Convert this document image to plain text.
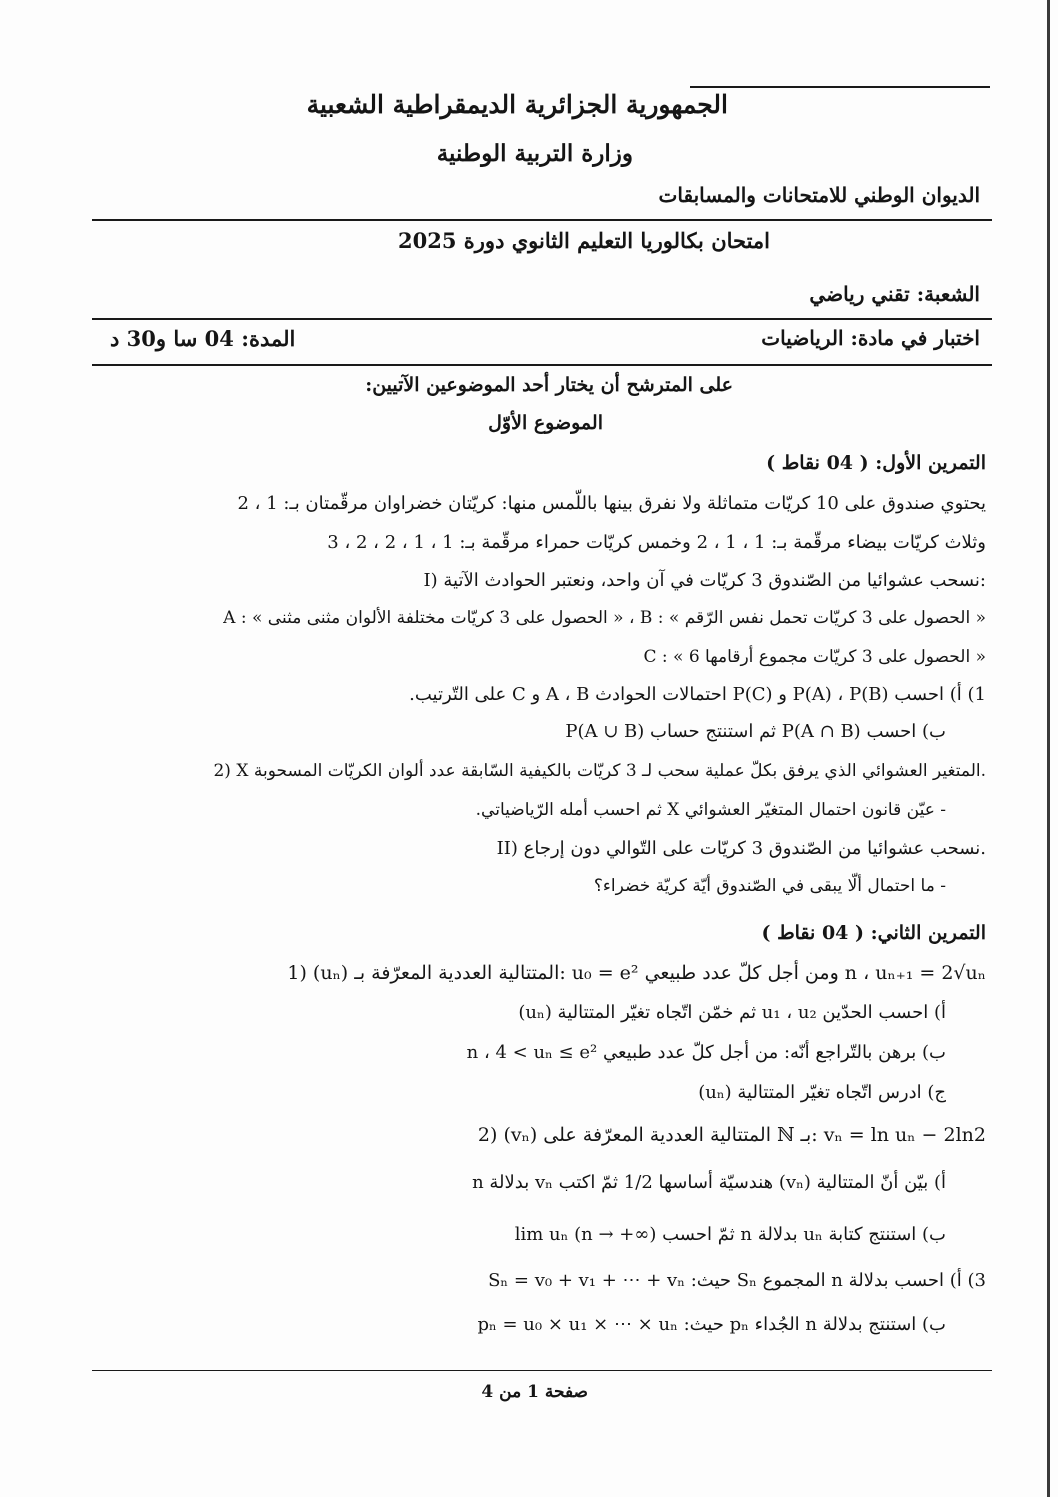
الجمهورية الجزائرية الديمقراطية الشعبية
وزارة التربية الوطنية
الديوان الوطني للامتحانات والمسابقات
امتحان بكالوريا التعليم الثانوي دورة 2025
الشعبة: تقني رياضي
اختبار في مادة: الرياضيات
المدة: 04 سا و30 د
على المترشح أن يختار أحد الموضوعين الآتيين:
الموضوع الأوّل
التمرين الأول: ( 04 نقاط )
يحتوي صندوق على 10 كريّات متماثلة ولا نفرق بينها باللّمس منها: كريّتان خضراوان مرقّمتان بـ: 1 ، 2
وثلاث كريّات بيضاء مرقّمة بـ: 1 ، 1 ، 2 وخمس كريّات حمراء مرقّمة بـ: 1 ، 1 ، 2 ، 2 ، 3
I) نسحب عشوائيا من الصّندوق 3 كريّات في آن واحد، ونعتبر الحوادث الآتية:
A : « الحصول على 3 كريّات مختلفة الألوان مثنى مثنى » ، B : « الحصول على 3 كريّات تحمل نفس الرّقم »
C : « الحصول على 3 كريّات مجموع أرقامها 6 »
1) أ) احسب P(A) ، P(B) و P(C) احتمالات الحوادث A ، B و C على التّرتيب.
ب) احسب P(A ∩ B) ثم استنتج حساب P(A ∪ B)
2) X المتغير العشوائي الذي يرفق بكلّ عملية سحب لـ 3 كريّات بالكيفية السّابقة عدد ألوان الكريّات المسحوبة.
- عيّن قانون احتمال المتغيّر العشوائي X ثم احسب أمله الرّياضياتي.
II) نسحب عشوائيا من الصّندوق 3 كريّات على التّوالي دون إرجاع.
- ما احتمال ألّا يبقى في الصّندوق أيّة كريّة خضراء؟
التمرين الثاني: ( 04 نقاط )
1) (uₙ) المتتالية العددية المعرّفة بـ: u₀ = e² ومن أجل كلّ عدد طبيعي n ، uₙ₊₁ = 2√uₙ
أ) احسب الحدّين u₁ ، u₂ ثم خمّن اتّجاه تغيّر المتتالية (uₙ)
ب) برهن بالتّراجع أنّه: من أجل كلّ عدد طبيعي n ، 4 < uₙ ≤ e²
ج) ادرس اتّجاه تغيّر المتتالية (uₙ)
2) (vₙ) المتتالية العددية المعرّفة على ℕ بـ: vₙ = ln uₙ − 2ln2
أ) بيّن أنّ المتتالية (vₙ) هندسيّة أساسها 1/2 ثمّ اكتب vₙ بدلالة n
ب) استنتج كتابة uₙ بدلالة n ثمّ احسب lim uₙ (n → +∞)
3) أ) احسب بدلالة n المجموع Sₙ حيث: Sₙ = v₀ + v₁ + ⋯ + vₙ
ب) استنتج بدلالة n الجُداء pₙ حيث: pₙ = u₀ × u₁ × ⋯ × uₙ
صفحة 1 من 4
